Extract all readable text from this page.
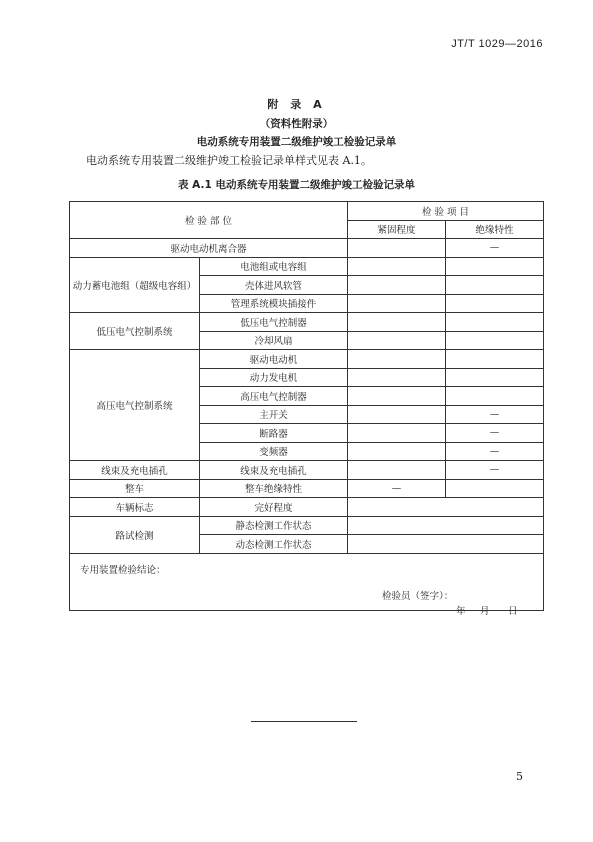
JT/T 1029—2016
附 录 A
（资料性附录）
电动系统专用装置二级维护竣工检验记录单
电动系统专用装置二级维护竣工检验记录单样式见表 A.1。
表 A.1 电动系统专用装置二级维护竣工检验记录单
检 验 部 位		检 验 项 目	
		紧固程度	绝缘特性
驱动电动机离合器			—
动力蓄电池组（超级电容组）	电池组或电容组		
	壳体进风软管		
	管理系统模块插接件		
低压电气控制系统	低压电气控制器		
	冷却风扇		
高压电气控制系统	驱动电动机		
	动力发电机		
	高压电气控制器		
	主开关		—
	断路器		—
	变频器		—
线束及充电插孔	线束及充电插孔		—
整车	整车绝缘特性	—	
车辆标志	完好程度		
路试检测	静态检测工作状态		
	动态检测工作状态		

专用装置检验结论：
检验员（签字）：
年 月 日			
5
